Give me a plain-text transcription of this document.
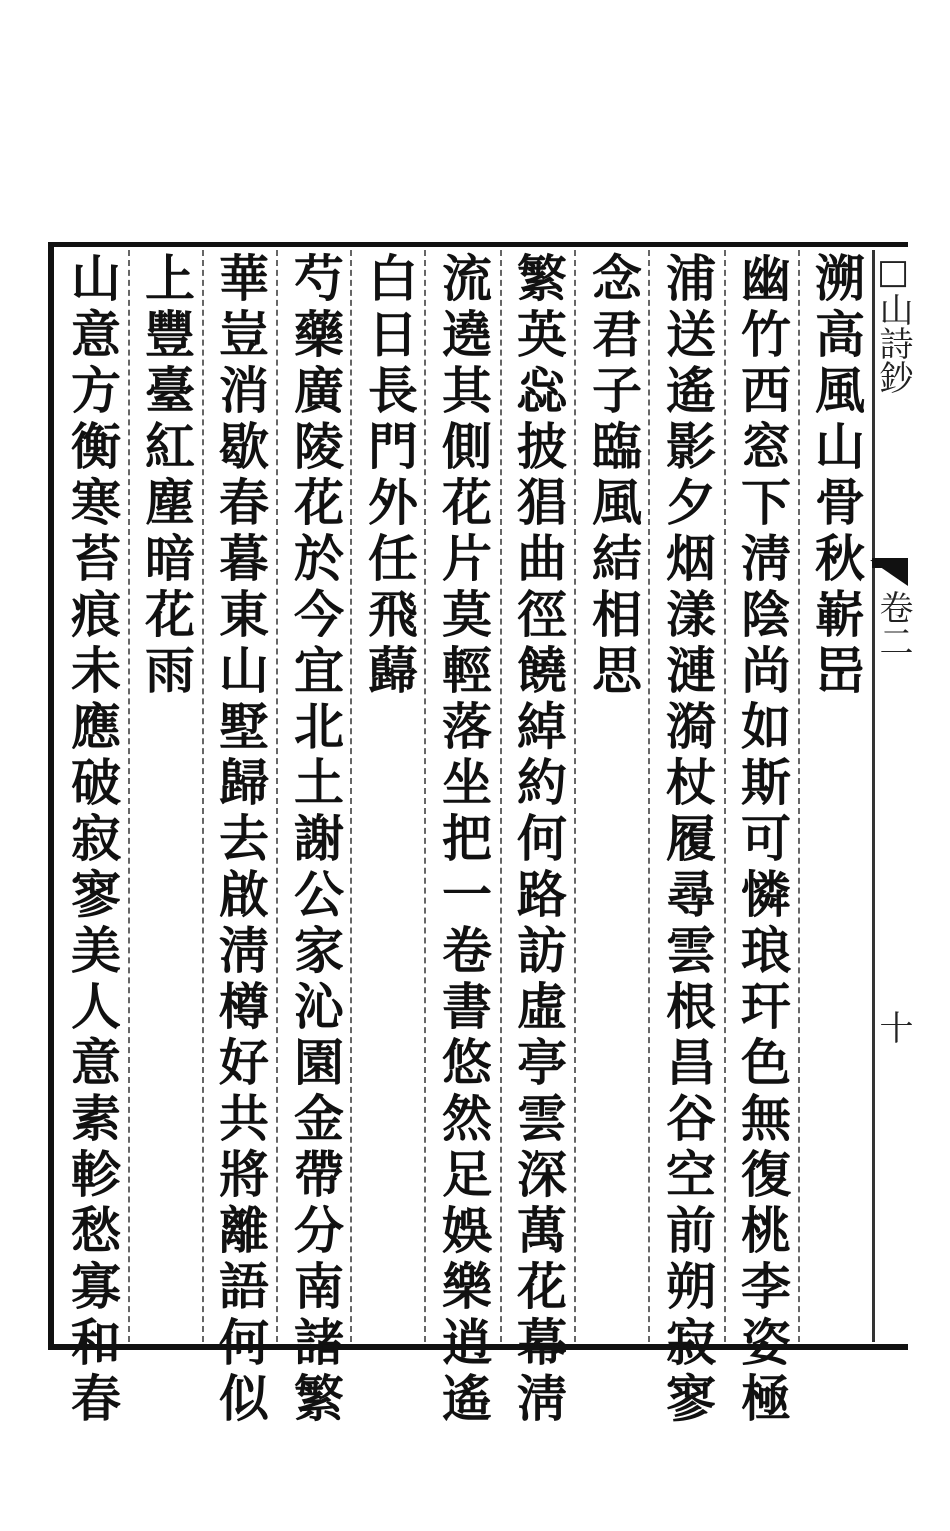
□山詩鈔
卷二
十
溯高風山骨秋嶄岊
幽竹西窓下淸陰尚如斯可憐琅玕色無復桃李姿極
浦送遙影夕烟漾漣漪杖履尋雲根昌谷空前朔寂寥
念君子臨風結相思
繁英惢披猖曲徑饒綽約何路訪虛亭雲深萬花幕淸
流遶其側花片莫輕落坐把一卷書悠然足娛樂逍遙
白日長門外任飛蘬
芍藥廣陵花於今宜北土謝公家沁園金帶分南諸繁
華豈消歇春暮東山墅歸去啟淸樽好共將離語何似
上豐臺紅塵暗花雨
山意方衡寒苔痕未應破寂寥美人意素軫愁寡和春
